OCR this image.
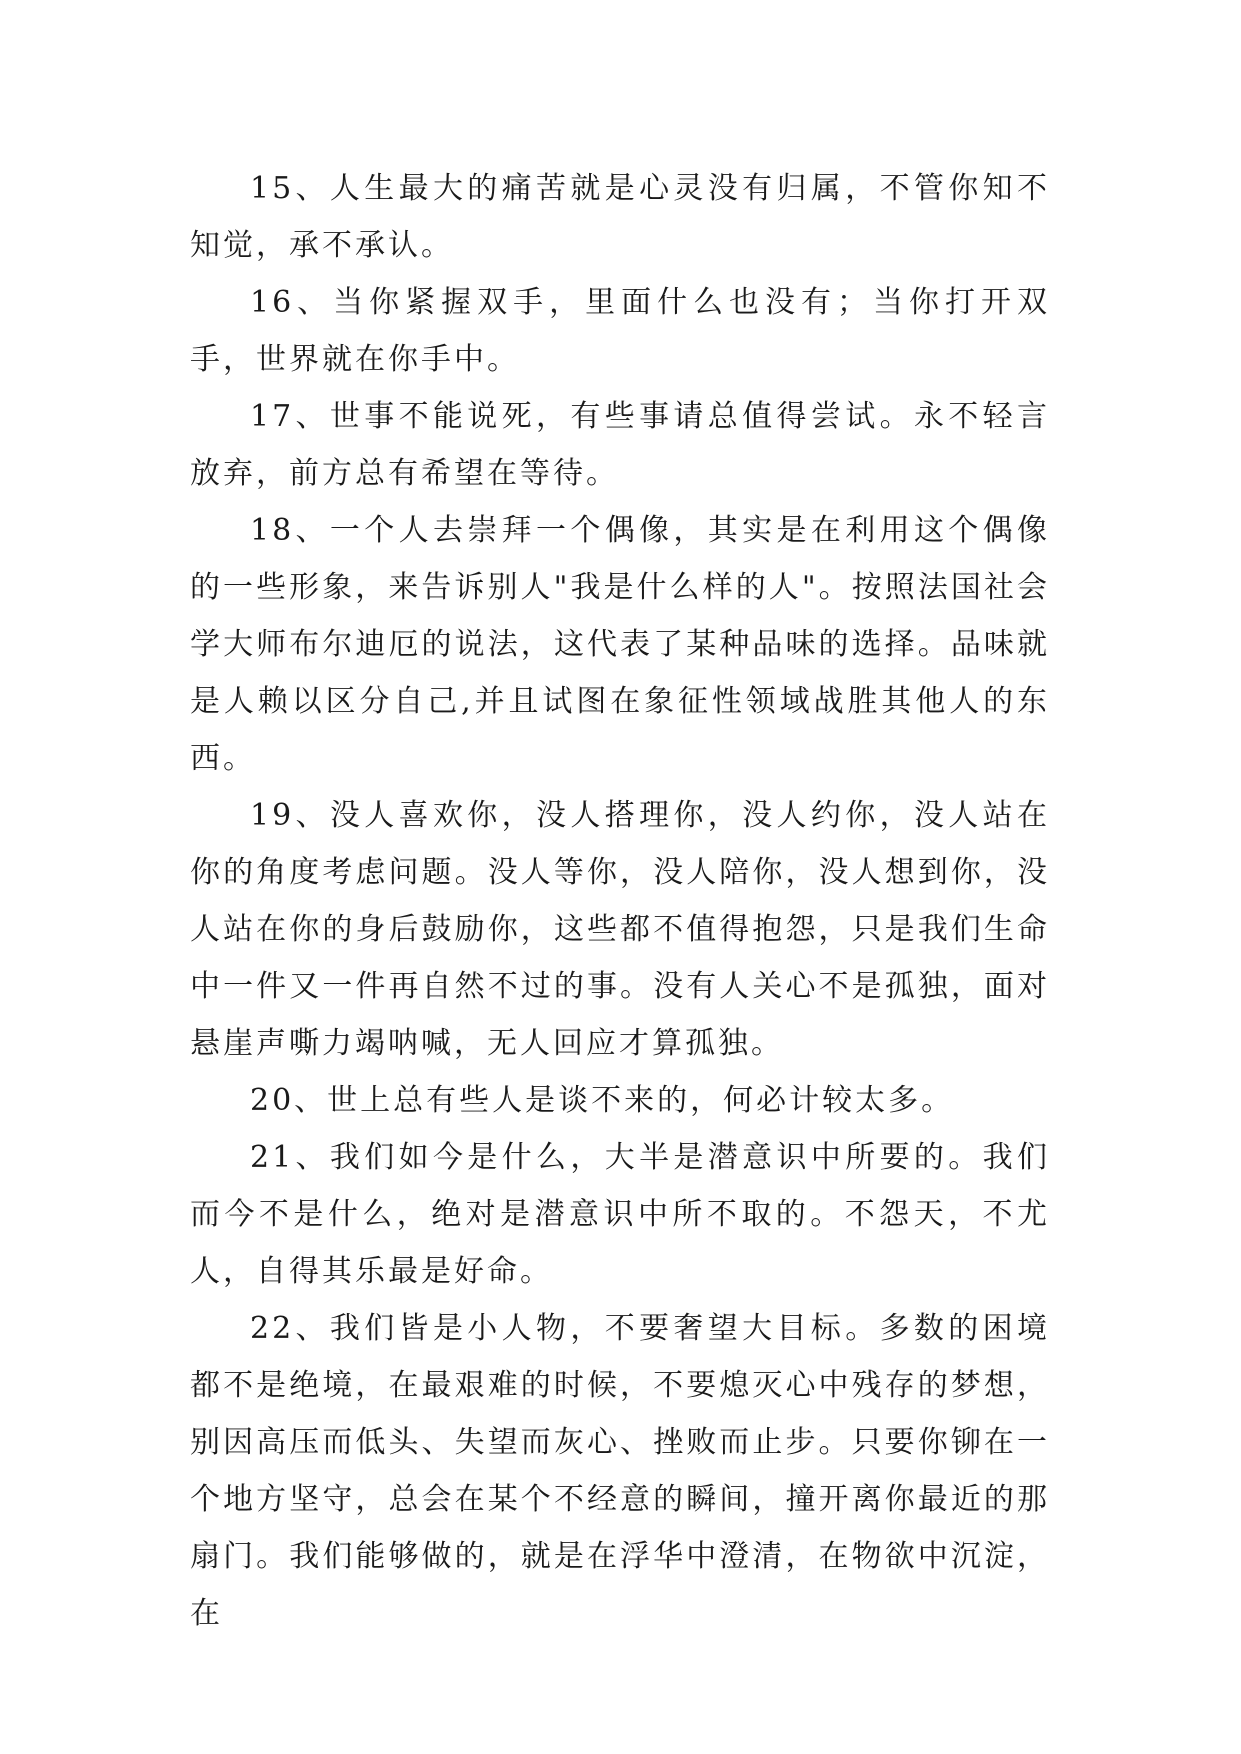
15、人生最大的痛苦就是心灵没有归属，不管你知不知觉，承不承认。

16、当你紧握双手，里面什么也没有；当你打开双手，世界就在你手中。

17、世事不能说死，有些事请总值得尝试。永不轻言放弃，前方总有希望在等待。

18、一个人去崇拜一个偶像，其实是在利用这个偶像的一些形象，来告诉别人"我是什么样的人"。按照法国社会学大师布尔迪厄的说法，这代表了某种品味的选择。品味就是人赖以区分自己,并且试图在象征性领域战胜其他人的东西。

19、没人喜欢你，没人搭理你，没人约你，没人站在你的角度考虑问题。没人等你，没人陪你，没人想到你，没人站在你的身后鼓励你，这些都不值得抱怨，只是我们生命中一件又一件再自然不过的事。没有人关心不是孤独，面对悬崖声嘶力竭呐喊，无人回应才算孤独。

20、世上总有些人是谈不来的，何必计较太多。

21、我们如今是什么，大半是潜意识中所要的。我们而今不是什么，绝对是潜意识中所不取的。不怨天，不尤人，自得其乐最是好命。

22、我们皆是小人物，不要奢望大目标。多数的困境都不是绝境，在最艰难的时候，不要熄灭心中残存的梦想，别因高压而低头、失望而灰心、挫败而止步。只要你铆在一个地方坚守，总会在某个不经意的瞬间，撞开离你最近的那扇门。我们能够做的，就是在浮华中澄清，在物欲中沉淀，在
